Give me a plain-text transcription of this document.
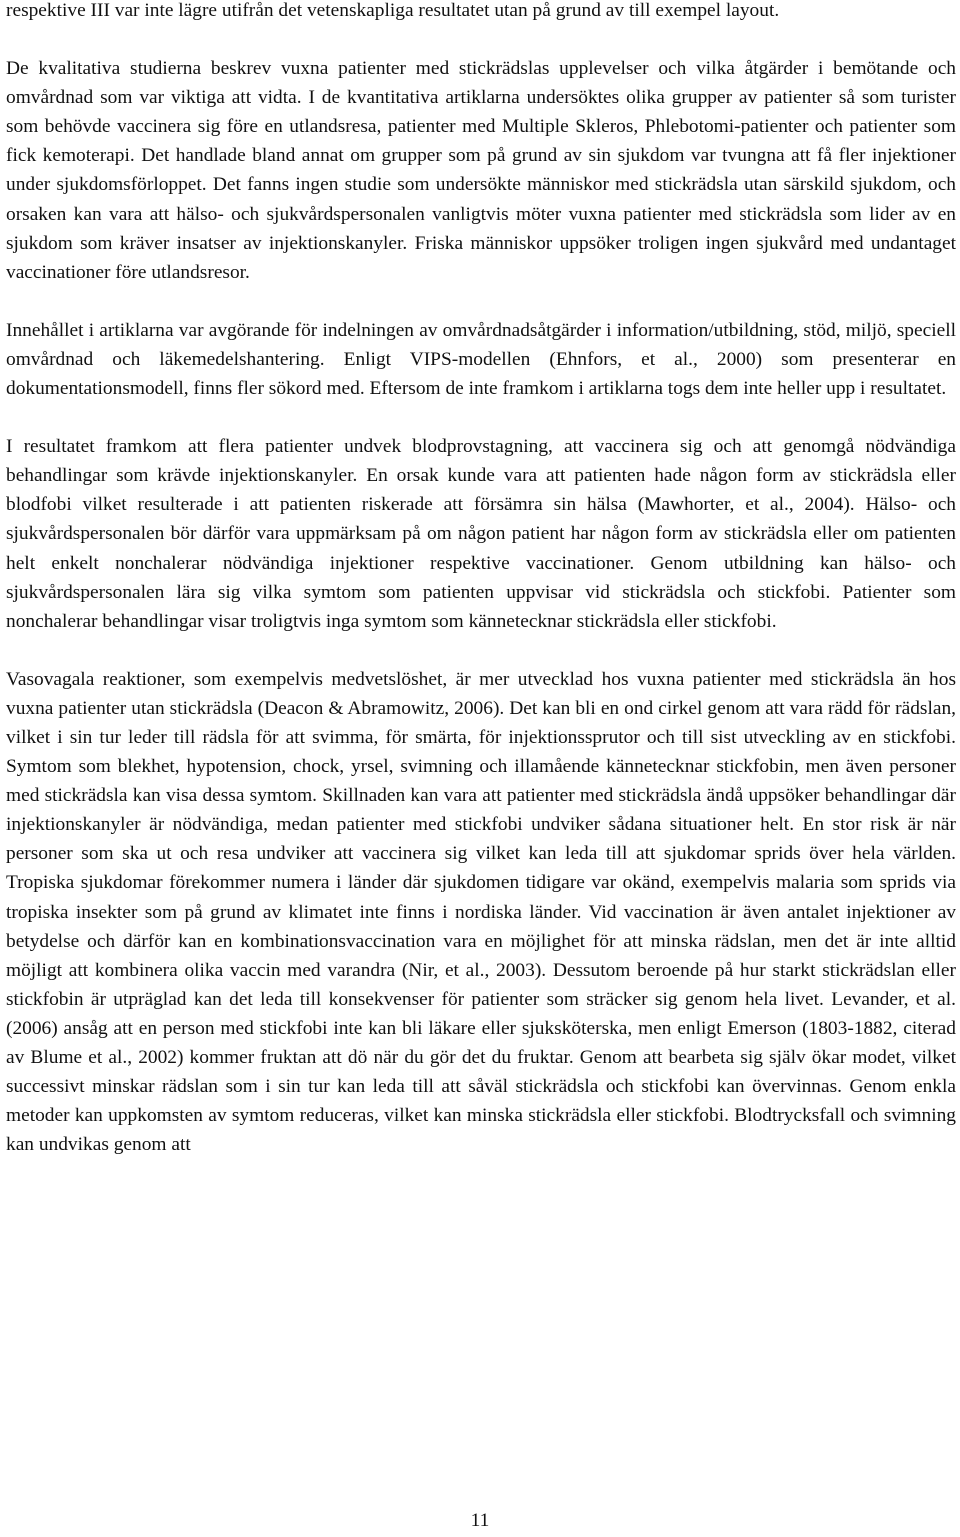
respektive III var inte lägre utifrån det vetenskapliga resultatet utan på grund av till exempel layout.

De kvalitativa studierna beskrev vuxna patienter med stickrädslas upplevelser och vilka åtgärder i bemötande och omvårdnad som var viktiga att vidta. I de kvantitativa artiklarna undersöktes olika grupper av patienter så som turister som behövde vaccinera sig före en utlandsresa, patienter med Multiple Skleros, Phlebotomi-patienter och patienter som fick kemoterapi. Det handlade bland annat om grupper som på grund av sin sjukdom var tvungna att få fler injektioner under sjukdomsförloppet. Det fanns ingen studie som undersökte människor med stickrädsla utan särskild sjukdom, och orsaken kan vara att hälso- och sjukvårdspersonalen vanligtvis möter vuxna patienter med stickrädsla som lider av en sjukdom som kräver insatser av injektionskanyler. Friska människor uppsöker troligen ingen sjukvård med undantaget vaccinationer före utlandsresor.

Innehållet i artiklarna var avgörande för indelningen av omvårdnadsåtgärder i information/utbildning, stöd, miljö, speciell omvårdnad och läkemedelshantering. Enligt VIPS-modellen (Ehnfors, et al., 2000) som presenterar en dokumentationsmodell, finns fler sökord med. Eftersom de inte framkom i artiklarna togs dem inte heller upp i resultatet.

I resultatet framkom att flera patienter undvek blodprovstagning, att vaccinera sig och att genomgå nödvändiga behandlingar som krävde injektionskanyler. En orsak kunde vara att patienten hade någon form av stickrädsla eller blodfobi vilket resulterade i att patienten riskerade att försämra sin hälsa (Mawhorter, et al., 2004). Hälso- och sjukvårdspersonalen bör därför vara uppmärksam på om någon patient har någon form av stickrädsla eller om patienten helt enkelt nonchalerar nödvändiga injektioner respektive vaccinationer. Genom utbildning kan hälso- och sjukvårdspersonalen lära sig vilka symtom som patienten uppvisar vid stickrädsla och stickfobi. Patienter som nonchalerar behandlingar visar troligtvis inga symtom som kännetecknar stickrädsla eller stickfobi.

Vasovagala reaktioner, som exempelvis medvetslöshet, är mer utvecklad hos vuxna patienter med stickrädsla än hos vuxna patienter utan stickrädsla (Deacon & Abramowitz, 2006). Det kan bli en ond cirkel genom att vara rädd för rädslan, vilket i sin tur leder till rädsla för att svimma, för smärta, för injektionssprutor och till sist utveckling av en stickfobi. Symtom som blekhet, hypotension, chock, yrsel, svimning och illamående kännetecknar stickfobin, men även personer med stickrädsla kan visa dessa symtom. Skillnaden kan vara att patienter med stickrädsla ändå uppsöker behandlingar där injektionskanyler är nödvändiga, medan patienter med stickfobi undviker sådana situationer helt. En stor risk är när personer som ska ut och resa undviker att vaccinera sig vilket kan leda till att sjukdomar sprids över hela världen. Tropiska sjukdomar förekommer numera i länder där sjukdomen tidigare var okänd, exempelvis malaria som sprids via tropiska insekter som på grund av klimatet inte finns i nordiska länder. Vid vaccination är även antalet injektioner av betydelse och därför kan en kombinationsvaccination vara en möjlighet för att minska rädslan, men det är inte alltid möjligt att kombinera olika vaccin med varandra (Nir, et al., 2003). Dessutom beroende på hur starkt stickrädslan eller stickfobin är utpräglad kan det leda till konsekvenser för patienter som sträcker sig genom hela livet. Levander, et al. (2006) ansåg att en person med stickfobi inte kan bli läkare eller sjuksköterska, men enligt Emerson (1803-1882, citerad av Blume et al., 2002) kommer fruktan att dö när du gör det du fruktar. Genom att bearbeta sig själv ökar modet, vilket successivt minskar rädslan som i sin tur kan leda till att såväl stickrädsla och stickfobi kan övervinnas. Genom enkla metoder kan uppkomsten av symtom reduceras, vilket kan minska stickrädsla eller stickfobi. Blodtrycksfall och svimning kan undvikas genom att

11
